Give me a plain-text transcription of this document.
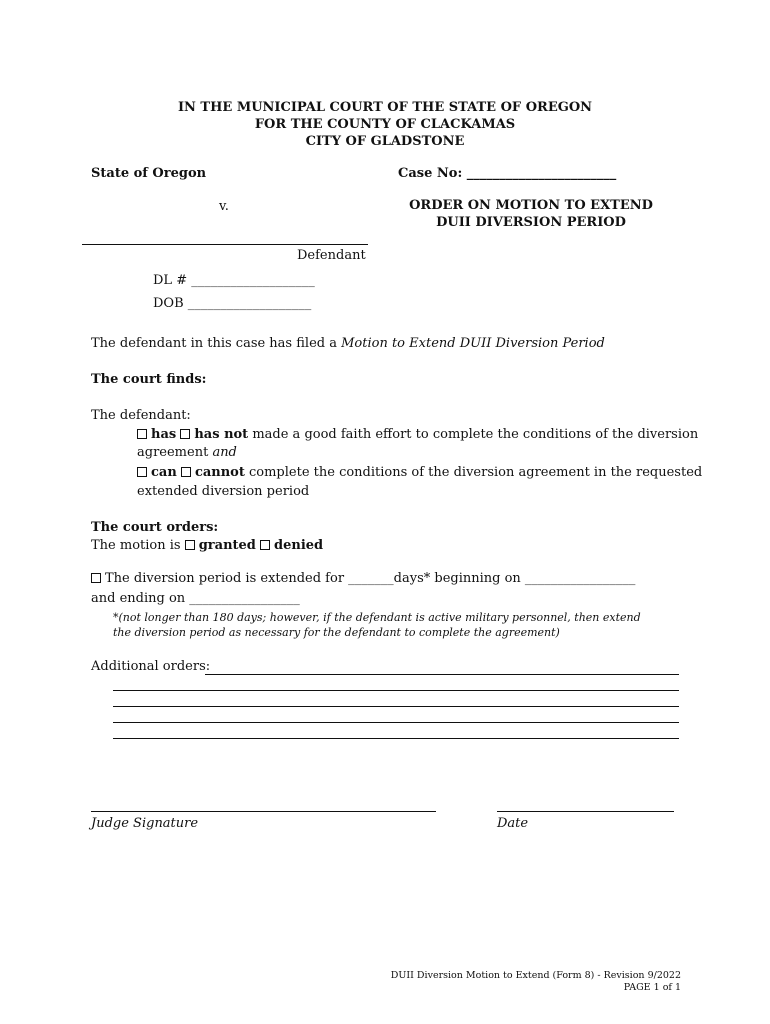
IN THE MUNICIPAL COURT OF THE STATE OF OREGON
FOR THE COUNTY OF CLACKAMAS
CITY OF GLADSTONE
State of Oregon	Case No: _______________________
v.	ORDER ON MOTION TO EXTEND
DUII DIVERSION PERIOD
Defendant
DL # ___________________
DOB ___________________
The defendant in this case has filed a Motion to Extend DUII Diversion Period
The court finds:
The defendant:
has has not made a good faith effort to complete the conditions of the diversion
agreement and
can cannot complete the conditions of the diversion agreement in the requested
extended diversion period
The court orders:
The motion is granted denied
The diversion period is extended for _______days* beginning on _________________
and ending on _________________
*(not longer than 180 days; however, if the defendant is active military personnel, then extend
the diversion period as necessary for the defendant to complete the agreement)
Additional orders:
Judge Signature	Date
DUII Diversion Motion to Extend (Form 8) - Revision 9/2022
PAGE 1 of 1
